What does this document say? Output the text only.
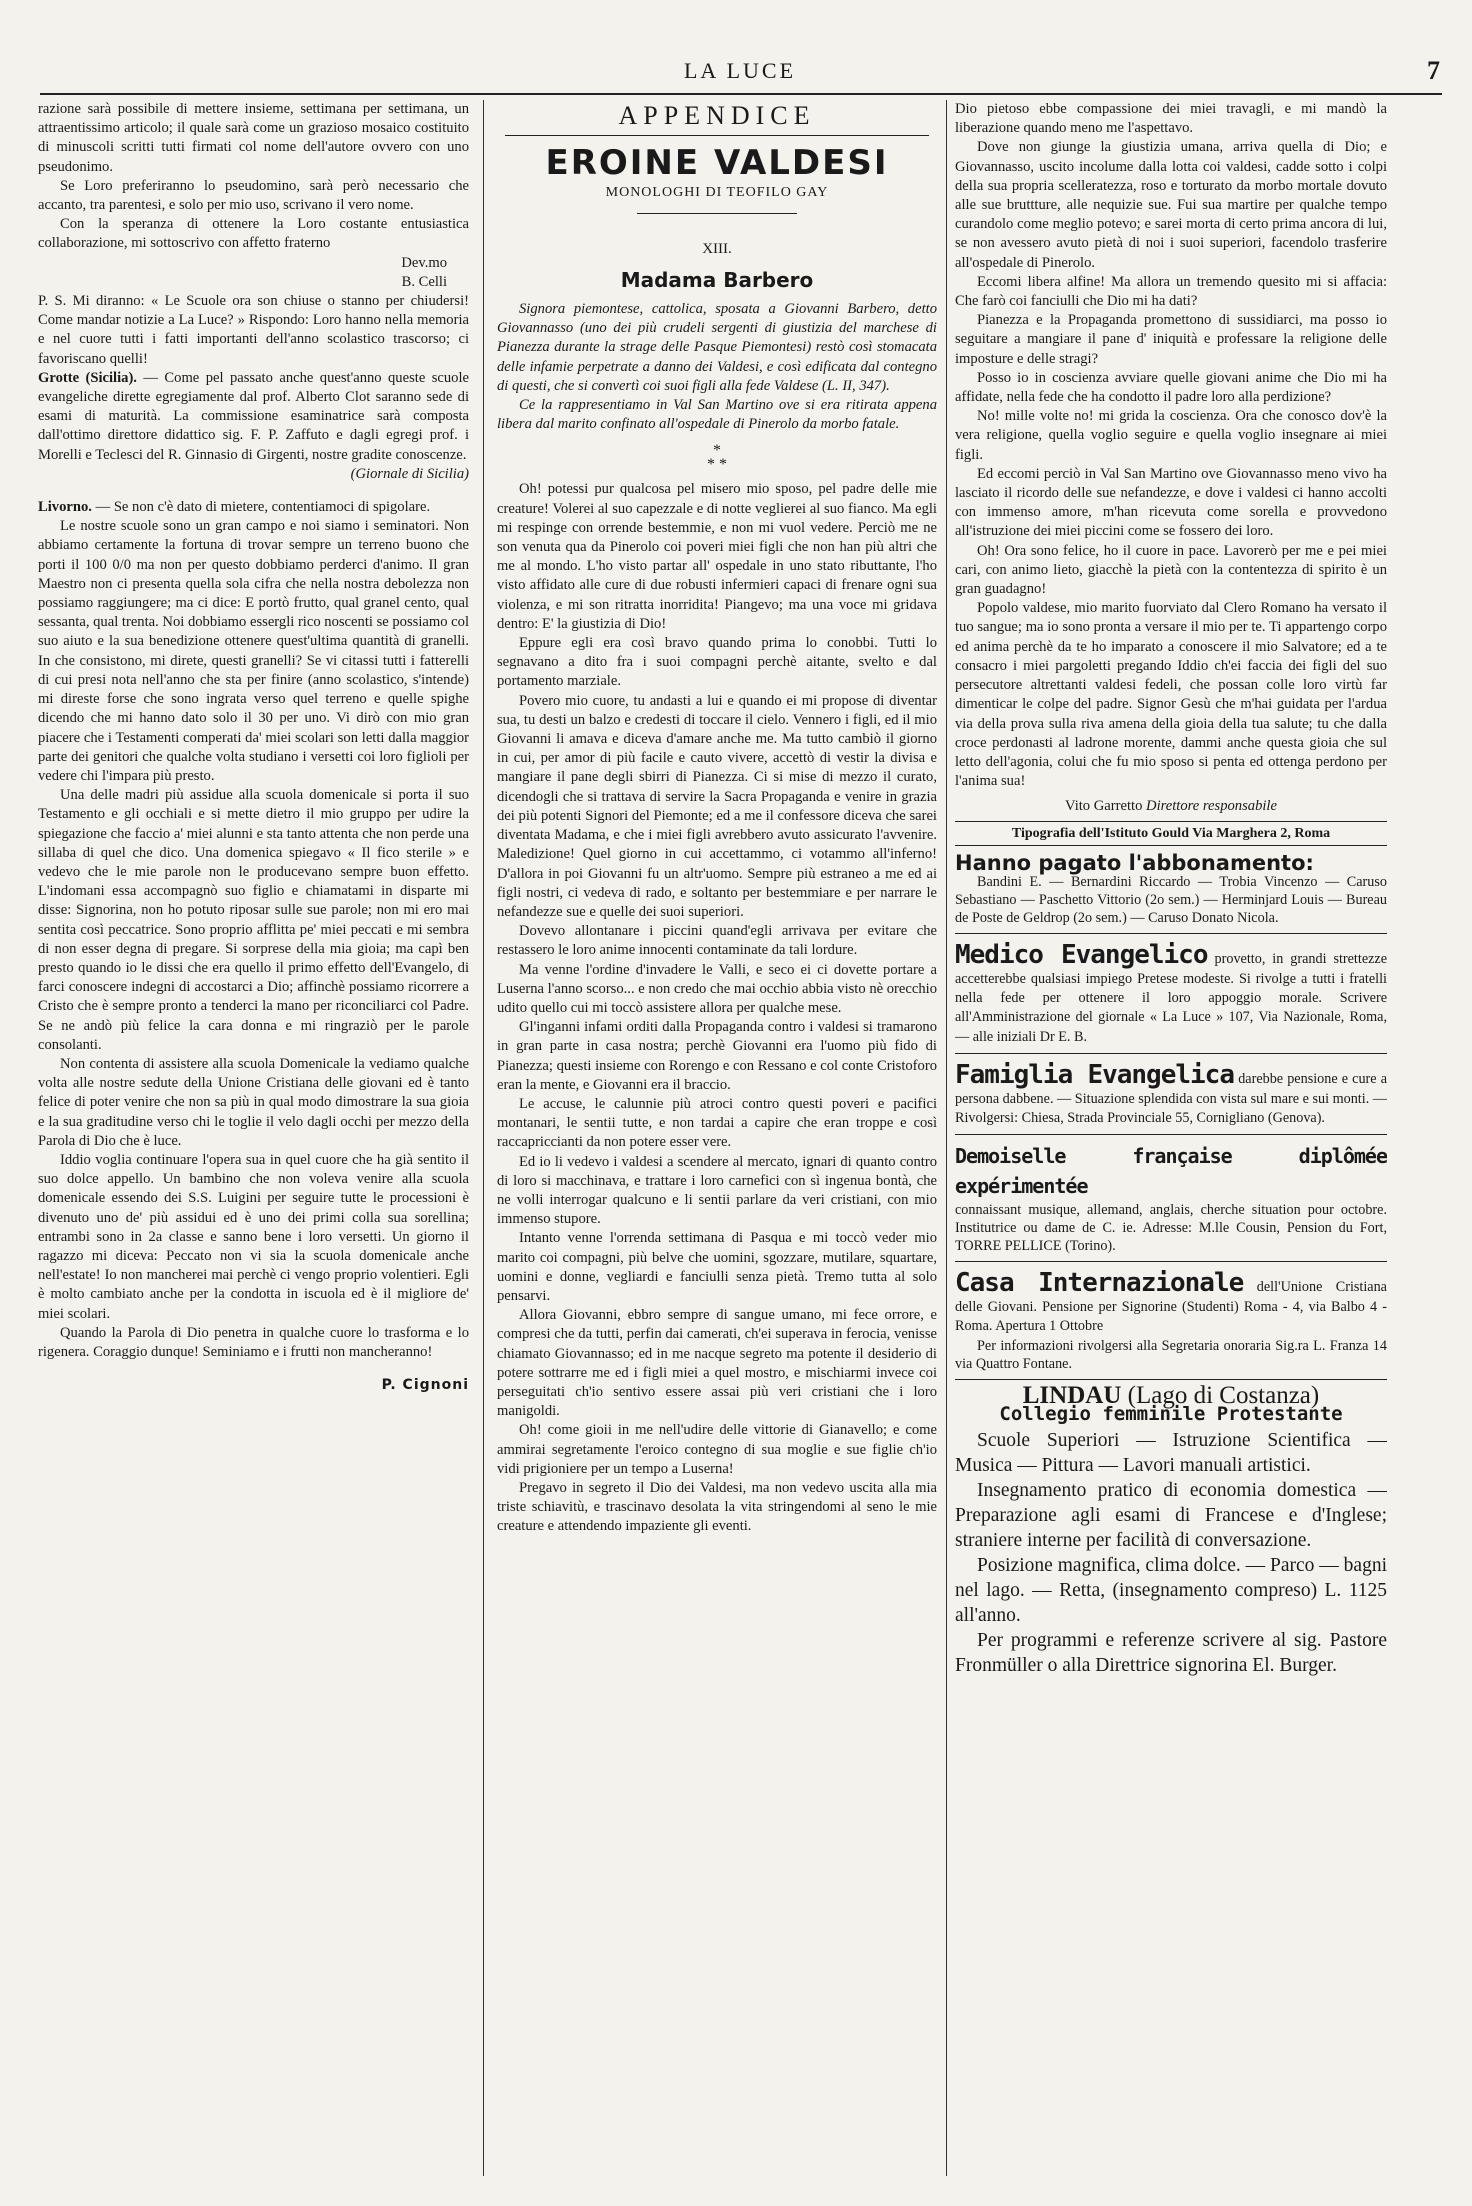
LA LUCE	7

razione sarà possibile di mettere insieme, settimana per settimana, un attraentissimo articolo; il quale sarà come un grazioso mosaico costituito di minuscoli scritti tutti firmati col nome dell'autore ovvero con uno pseudonimo.

Se Loro preferiranno lo pseudomino, sarà però necessario che accanto, tra parentesi, e solo per mio uso, scrivano il vero nome.

Con la speranza di ottenere la Loro costante entusiastica collaborazione, mi sottoscrivo con affetto fraterno

Dev.mo

B. Celli

P. S. Mi diranno: « Le Scuole ora son chiuse o stanno per chiudersi! Come mandar notizie a La Luce? » Rispondo: Loro hanno nella memoria e nel cuore tutti i fatti importanti dell'anno scolastico trascorso; ci favoriscano quelli!

Grotte (Sicilia). — Come pel passato anche quest'anno queste scuole evangeliche dirette egregiamente dal prof. Alberto Clot saranno sede di esami di maturità. La commissione esaminatrice sarà composta dall'ottimo direttore didattico sig. F. P. Zaffuto e dagli egregi prof. i Morelli e Teclesci del R. Ginnasio di Girgenti, nostre gradite conoscenze.

(Giornale di Sicilia)

Livorno. — Se non c'è dato di mietere, contentiamoci di spigolare.

Le nostre scuole sono un gran campo e noi siamo i seminatori. Non abbiamo certamente la fortuna di trovar sempre un terreno buono che porti il 100 0/0 ma non per questo dobbiamo perderci d'animo. Il gran Maestro non ci presenta quella sola cifra che nella nostra debolezza non possiamo raggiungere; ma ci dice: E portò frutto, qual granel cento, qual sessanta, qual trenta. Noi dobbiamo essergli rico noscenti se possiamo col suo aiuto e la sua benedizione ottenere quest'ultima quantità di granelli. In che consistono, mi direte, questi granelli? Se vi citassi tutti i fatterelli di cui presi nota nell'anno che sta per finire (anno scolastico, s'intende) mi direste forse che sono ingrata verso quel terreno e quelle spighe dicendo che mi hanno dato solo il 30 per uno. Vi dirò con mio gran piacere che i Testamenti comperati da' miei scolari son letti dalla maggior parte dei genitori che qualche volta studiano i versetti coi loro figlioli per vedere chi l'impara più presto.

Una delle madri più assidue alla scuola domenicale si porta il suo Testamento e gli occhiali e si mette dietro il mio gruppo per udire la spiegazione che faccio a' miei alunni e sta tanto attenta che non perde una sillaba di quel che dico. Una domenica spiegavo « Il fico sterile » e vedevo che le mie parole non le producevano sempre buon effetto. L'indomani essa accompagnò suo figlio e chiamatami in disparte mi disse: Signorina, non ho potuto riposar sulle sue parole; non mi ero mai sentita così peccatrice. Sono proprio afflitta pe' miei peccati e mi sembra di non esser degna di pregare. Si sorprese della mia gioia; ma capì ben presto quando io le dissi che era quello il primo effetto dell'Evangelo, di farci conoscere indegni di accostarci a Dio; affinchè possiamo ricorrere a Cristo che è sempre pronto a tenderci la mano per riconciliarci col Padre. Se ne andò più felice la cara donna e mi ringraziò per le parole consolanti.

Non contenta di assistere alla scuola Domenicale la vediamo qualche volta alle nostre sedute della Unione Cristiana delle giovani ed è tanto felice di poter venire che non sa più in qual modo dimostrare la sua gioia e la sua graditudine verso chi le toglie il velo dagli occhi per mezzo della Parola di Dio che è luce.

Iddio voglia continuare l'opera sua in quel cuore che ha già sentito il suo dolce appello. Un bambino che non voleva venire alla scuola domenicale essendo dei S.S. Luigini per seguire tutte le processioni è divenuto uno de' più assidui ed è uno dei primi colla sua sorellina; entrambi sono in 2a classe e sanno bene i loro versetti. Un giorno il ragazzo mi diceva: Peccato non vi sia la scuola domenicale anche nell'estate! Io non mancherei mai perchè ci vengo proprio volentieri. Egli è molto cambiato anche per la condotta in iscuola ed è il migliore de' miei scolari.

Quando la Parola di Dio penetra in qualche cuore lo trasforma e lo rigenera. Coraggio dunque! Seminiamo e i frutti non mancheranno!

P. Cignoni
APPENDICE
EROINE VALDESI
MONOLOGHI DI TEOFILO GAY
XIII.
Madama Barbero

Signora piemontese, cattolica, sposata a Giovanni Barbero, detto Giovannasso (uno dei più crudeli sergenti di giustizia del marchese di Pianezza durante la strage delle Pasque Piemontesi) restò così stomacata delle infamie perpetrate a danno dei Valdesi, e così edificata dal contegno di questi, che si convertì coi suoi figli alla fede Valdese (L. II, 347).

Ce la rappresentiamo in Val San Martino ove si era ritirata appena libera dal marito confinato all'ospedale di Pinerolo da morbo fatale.

*
* *

Oh! potessi pur qualcosa pel misero mio sposo, pel padre delle mie creature! Volerei al suo capezzale e di notte veglierei al suo fianco. Ma egli mi respinge con orrende bestemmie, e non mi vuol vedere. Perciò me ne son venuta qua da Pinerolo coi poveri miei figli che non han più altri che me al mondo. L'ho visto partar all' ospedale in uno stato ributtante, l'ho visto affidato alle cure di due robusti infermieri capaci di frenare ogni sua violenza, e mi son ritratta inorridita! Piangevo; ma una voce mi gridava dentro: E' la giustizia di Dio!

Eppure egli era così bravo quando prima lo conobbi. Tutti lo segnavano a dito fra i suoi compagni perchè aitante, svelto e dal portamento marziale.

Povero mio cuore, tu andasti a lui e quando ei mi propose di diventar sua, tu desti un balzo e credesti di toccare il cielo. Vennero i figli, ed il mio Giovanni li amava e diceva d'amare anche me. Ma tutto cambiò il giorno in cui, per amor di più facile e cauto vivere, accettò di vestir la divisa e mangiare il pane degli sbirri di Pianezza. Ci si mise di mezzo il curato, dicendogli che si trattava di servire la Sacra Propaganda e venire in grazia dei più potenti Signori del Piemonte; ed a me il confessore diceva che sarei diventata Madama, e che i miei figli avrebbero avuto assicurato l'avvenire. Maledizione! Quel giorno in cui accettammo, ci votammo all'inferno! D'allora in poi Giovanni fu un altr'uomo. Sempre più estraneo a me ed ai figli nostri, ci vedeva di rado, e soltanto per bestemmiare e per narrare le nefandezze sue e quelle dei suoi superiori.

Dovevo allontanare i piccini quand'egli arrivava per evitare che restassero le loro anime innocenti contaminate da tali lordure.

Ma venne l'ordine d'invadere le Valli, e seco ei ci dovette portare a Luserna l'anno scorso... e non credo che mai occhio abbia visto nè orecchio udito quello cui mi toccò assistere allora per qualche mese.

Gl'inganni infami orditi dalla Propaganda contro i valdesi si tramarono in gran parte in casa nostra; perchè Giovanni era l'uomo più fido di Pianezza; questi insieme con Rorengo e con Ressano e col conte Cristoforo eran la mente, e Giovanni era il braccio.

Le accuse, le calunnie più atroci contro questi poveri e pacifici montanari, le sentii tutte, e non tardai a capire che eran troppe e così raccapriccianti da non potere esser vere.

Ed io li vedevo i valdesi a scendere al mercato, ignari di quanto contro di loro si macchinava, e trattare i loro carnefici con sì ingenua bontà, che ne volli interrogar qualcuno e li sentii parlare da veri cristiani, con mio immenso stupore.

Intanto venne l'orrenda settimana di Pasqua e mi toccò veder mio marito coi compagni, più belve che uomini, sgozzare, mutilare, squartare, uomini e donne, vegliardi e fanciulli senza pietà. Tremo tutta al solo pensarvi.

Allora Giovanni, ebbro sempre di sangue umano, mi fece orrore, e compresi che da tutti, perfin dai camerati, ch'ei superava in ferocia, venisse chiamato Giovannasso; ed in me nacque segreto ma potente il desiderio di potere sottrarre me ed i figli miei a quel mostro, e mischiarmi invece coi perseguitati ch'io sentivo essere assai più veri cristiani che i loro manigoldi.

Oh! come gioii in me nell'udire delle vittorie di Gianavello; e come ammirai segretamente l'eroico contegno di sua moglie e sue figlie ch'io vidi prigioniere per un tempo a Luserna!

Pregavo in segreto il Dio dei Valdesi, ma non vedevo uscita alla mia triste schiavitù, e trascinavo desolata la vita stringendomi al seno le mie creature e attendendo impaziente gli eventi.

Dio pietoso ebbe compassione dei miei travagli, e mi mandò la liberazione quando meno me l'aspettavo.

Dove non giunge la giustizia umana, arriva quella di Dio; e Giovannasso, uscito incolume dalla lotta coi valdesi, cadde sotto i colpi della sua propria scelleratezza, roso e torturato da morbo mortale dovuto alle sue bruttture, alle nequizie sue. Fui sua martire per qualche tempo curandolo come meglio potevo; e sarei morta di certo prima ancora di lui, se non avessero avuto pietà di noi i suoi superiori, facendolo trasferire all'ospedale di Pinerolo.

Eccomi libera alfine! Ma allora un tremendo quesito mi si affacia: Che farò coi fanciulli che Dio mi ha dati?

Pianezza e la Propaganda promettono di sussidiarci, ma posso io seguitare a mangiare il pane d' iniquità e professare la religione delle imposture e delle stragi?

Posso io in coscienza avviare quelle giovani anime che Dio mi ha affidate, nella fede che ha condotto il padre loro alla perdizione?

No! mille volte no! mi grida la coscienza. Ora che conosco dov'è la vera religione, quella voglio seguire e quella voglio insegnare ai miei figli.

Ed eccomi perciò in Val San Martino ove Giovannasso meno vivo ha lasciato il ricordo delle sue nefandezze, e dove i valdesi ci hanno accolti con immenso amore, m'han ricevuta come sorella e provvedono all'istruzione dei miei piccini come se fossero dei loro.

Oh! Ora sono felice, ho il cuore in pace. Lavorerò per me e pei miei cari, con animo lieto, giacchè la pietà con la contentezza di spirito è un gran guadagno!

Popolo valdese, mio marito fuorviato dal Clero Romano ha versato il tuo sangue; ma io sono pronta a versare il mio per te. Ti appartengo corpo ed anima perchè da te ho imparato a conoscere il mio Salvatore; ed a te consacro i miei pargoletti pregando Iddio ch'ei faccia dei figli del suo persecutore altrettanti valdesi fedeli, che possan colle loro virtù far dimenticar le colpe del padre. Signor Gesù che m'hai guidata per l'ardua via della prova sulla riva amena della gioia della tua salute; tu che dalla croce perdonasti al ladrone morente, dammi anche questa gioia che sul letto dell'agonia, colui che fu mio sposo si penta ed ottenga perdono per l'anima sua!

Vito Garretto Direttore responsabile
Tipografia dell'Istituto Gould Via Marghera 2, Roma
Hanno pagato l'abbonamento:

Bandini E. — Bernardini Riccardo — Trobia Vincenzo — Caruso Sebastiano — Paschetto Vittorio (2o sem.) — Herminjard Louis — Bureau de Poste de Geldrop (2o sem.) — Caruso Donato Nicola.

Medico Evangelico provetto, in grandi strettezze accetterebbe qualsiasi impiego Pretese modeste. Si rivolge a tutti i fratelli nella fede per ottenere il loro appoggio morale. Scrivere all'Amministrazione del giornale « La Luce » 107, Via Nazionale, Roma, — alle iniziali Dr E. B.
Famiglia Evangelica darebbe pensione e cure a persona dabbene. — Situazione splendida con vista sul mare e sui monti. — Rivolgersi: Chiesa, Strada Provinciale 55, Cornigliano (Genova).
Demoiselle française diplômée expérimentée
connaissant musique, allemand, anglais, cherche situation pour octobre. Institutrice ou dame de C. ie. Adresse: M.lle Cousin, Pension du Fort, TORRE PELLICE (Torino).
Casa Internazionale dell'Unione Cristiana delle Giovani. Pensione per Signorine (Studenti) Roma - 4, via Balbo 4 - Roma. Apertura 1 Ottobre
Per informazioni rivolgersi alla Segretaria onoraria Sig.ra L. Franza 14 via Quattro Fontane.
LINDAU (Lago di Costanza)
Collegio femminile Protestante

Scuole Superiori — Istruzione Scientifica — Musica — Pittura — Lavori manuali artistici.

Insegnamento pratico di economia domestica — Preparazione agli esami di Francese e d'Inglese; straniere interne per facilità di conversazione.

Posizione magnifica, clima dolce. — Parco — bagni nel lago. — Retta, (insegnamento compreso) L. 1125 all'anno.

Per programmi e referenze scrivere al sig. Pastore Fronmüller o alla Direttrice signorina El. Burger.
